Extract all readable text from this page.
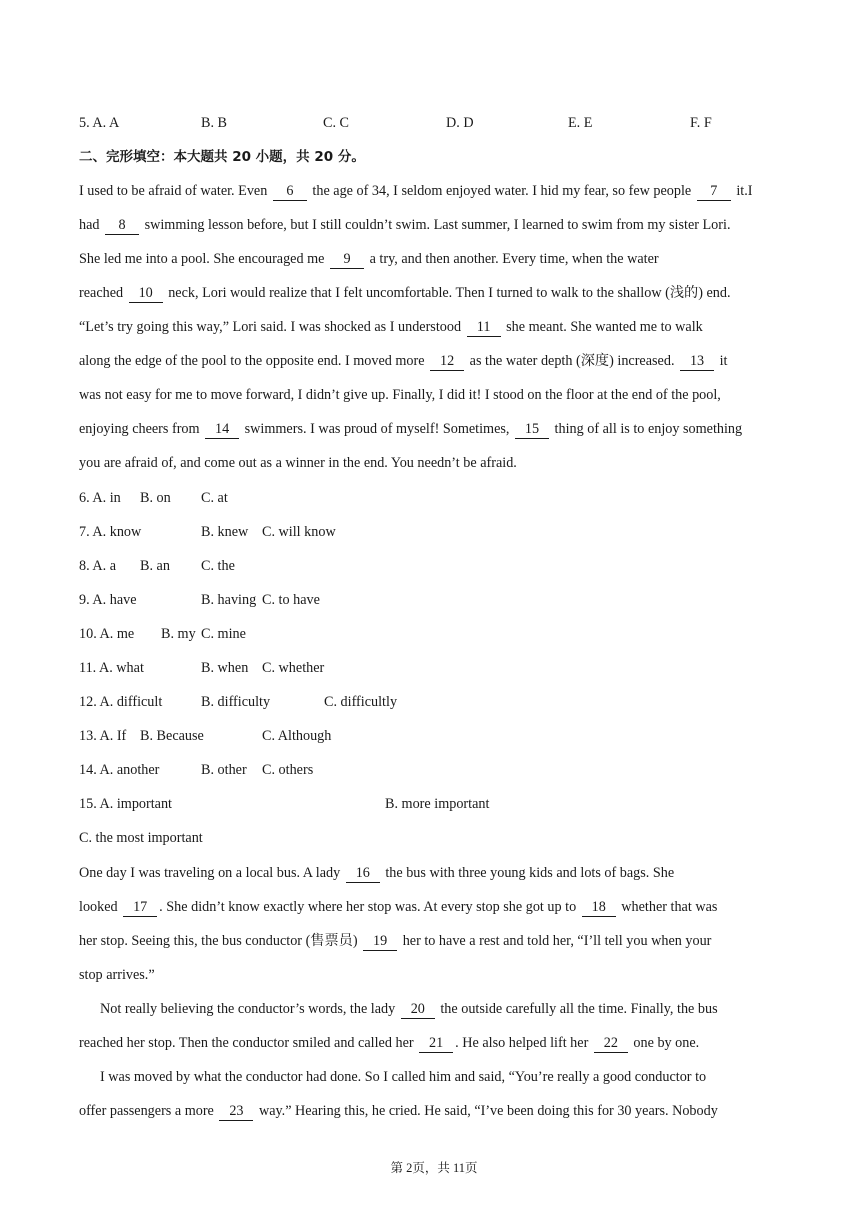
5. A. A	B. B	C. C	D. D	E. E	F. F
二、完形填空：本大题共 20 小题，共 20 分。
I used to be afraid of water. Even 6 the age of 34, I seldom enjoyed water. I hid my fear, so few people 7 it.I
had 8 swimming lesson before, but I still couldn’t swim. Last summer, I learned to swim from my sister Lori.
She led me into a pool. She encouraged me 9 a try, and then another. Every time, when the water
reached 10 neck, Lori would realize that I felt uncomfortable. Then I turned to walk to the shallow (浅的) end.
“Let’s try going this way,” Lori said. I was shocked as I understood 11 she meant. She wanted me to walk
along the edge of the pool to the opposite end. I moved more 12 as the water depth (深度) increased. 13 it
was not easy for me to move forward, I didn’t give up. Finally, I did it! I stood on the floor at the end of the pool,
enjoying cheers from 14 swimmers. I was proud of myself! Sometimes, 15 thing of all is to enjoy something
you are afraid of, and come out as a winner in the end. You needn’t be afraid.
6. A. in B. on C. at
7. A. know	B. knew C. will know
8. A. a B. an C. the
9. A. have	B. having C. to have
10. A. me B. my C. mine
11. A. what	B. when C. whether
12. A. difficult	B. difficulty	C. difficultly
13. A. If B. Because	C. Although
14. A. another	B. other C. others
15. A. important	B. more important
C. the most important
One day I was traveling on a local bus. A lady 16 the bus with three young kids and lots of bags. She
looked 17 . She didn’t know exactly where her stop was. At every stop she got up to 18 whether that was
her stop. Seeing this, the bus conductor (售票员) 19 her to have a rest and told her, “I’ll tell you when your
stop arrives.”
Not really believing the conductor’s words, the lady 20 the outside carefully all the time. Finally, the bus
reached her stop. Then the conductor smiled and called her 21 . He also helped lift her 22 one by one.
I was moved by what the conductor had done. So I called him and said, “You’re really a good conductor to
offer passengers a more 23 way.” Hearing this, he cried. He said, “I’ve been doing this for 30 years. Nobody
第 2页，共 11页
